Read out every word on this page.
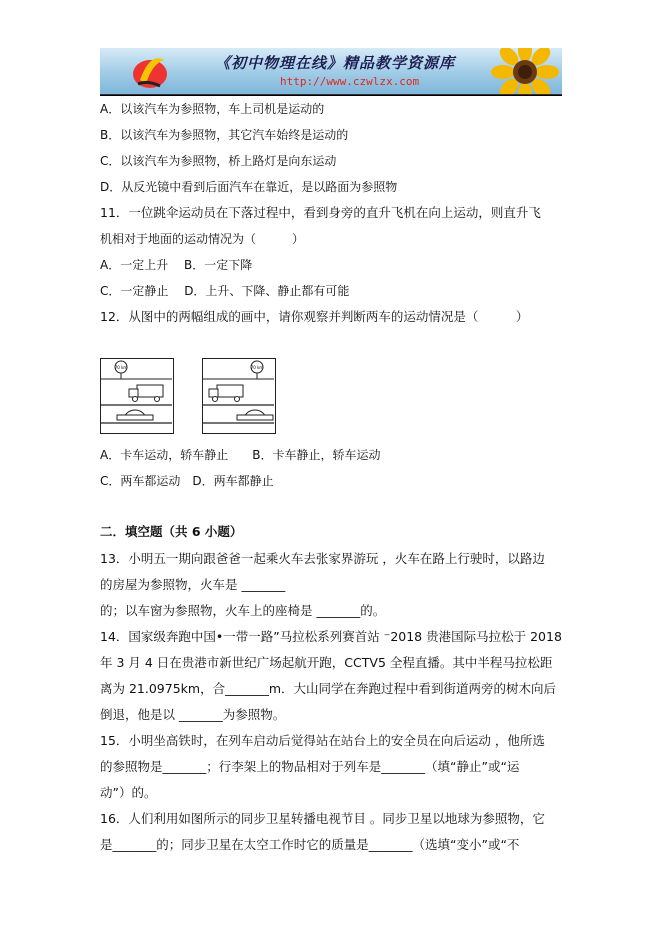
《初中物理在线》精品教学资源库
http://www.czwlzx.com
A．以该汽车为参照物，车上司机是运动的
B．以该汽车为参照物，其它汽车始终是运动的
C．以该汽车为参照物，桥上路灯是向东运动
D．从反光镜中看到后面汽车在靠近，是以路面为参照物
11．一位跳伞运动员在下落过程中，看到身旁的直升飞机在向上运动，则直升飞
机相对于地面的运动情况为（　　　）
A．一定上升　 B．一定下降
C．一定静止　 D．上升、下降、静止都有可能
12．从图中的两幅组成的画中，请你观察并判断两车的运动情况是（　　　）
70 km	70 km
A．卡车运动，轿车静止　　B．卡车静止，轿车运动
C．两车都运动　D．两车都静止
二．填空题（共 6 小题）
13．小明五一期向跟爸爸一起乘火车去张家界游玩 ，火车在路上行驶时，以路边
的房屋为参照物，火车是 _______
的；以车窗为参照物，火车上的座椅是 _______的。
14．国家级奔跑中国•一带一路”马拉松系列赛首站 ⁻2018 贵港国际马拉松于 2018
年 3 月 4 日在贵港市新世纪广场起航开跑，CCTV5 全程直播。其中半程马拉松距
离为 21.0975km，合_______m．大山同学在奔跑过程中看到街道两旁的树木向后
倒退，他是以 _______为参照物。
15．小明坐高铁时，在列车启动后觉得站在站台上的安全员在向后运动 ，他所选
的参照物是_______；行李架上的物品相对于列车是_______（填“静止”或“运
动”）的。
16．人们利用如图所示的同步卫星转播电视节目 。同步卫星以地球为参照物，它
是_______的；同步卫星在太空工作时它的质量是_______（选填“变小”或“不
